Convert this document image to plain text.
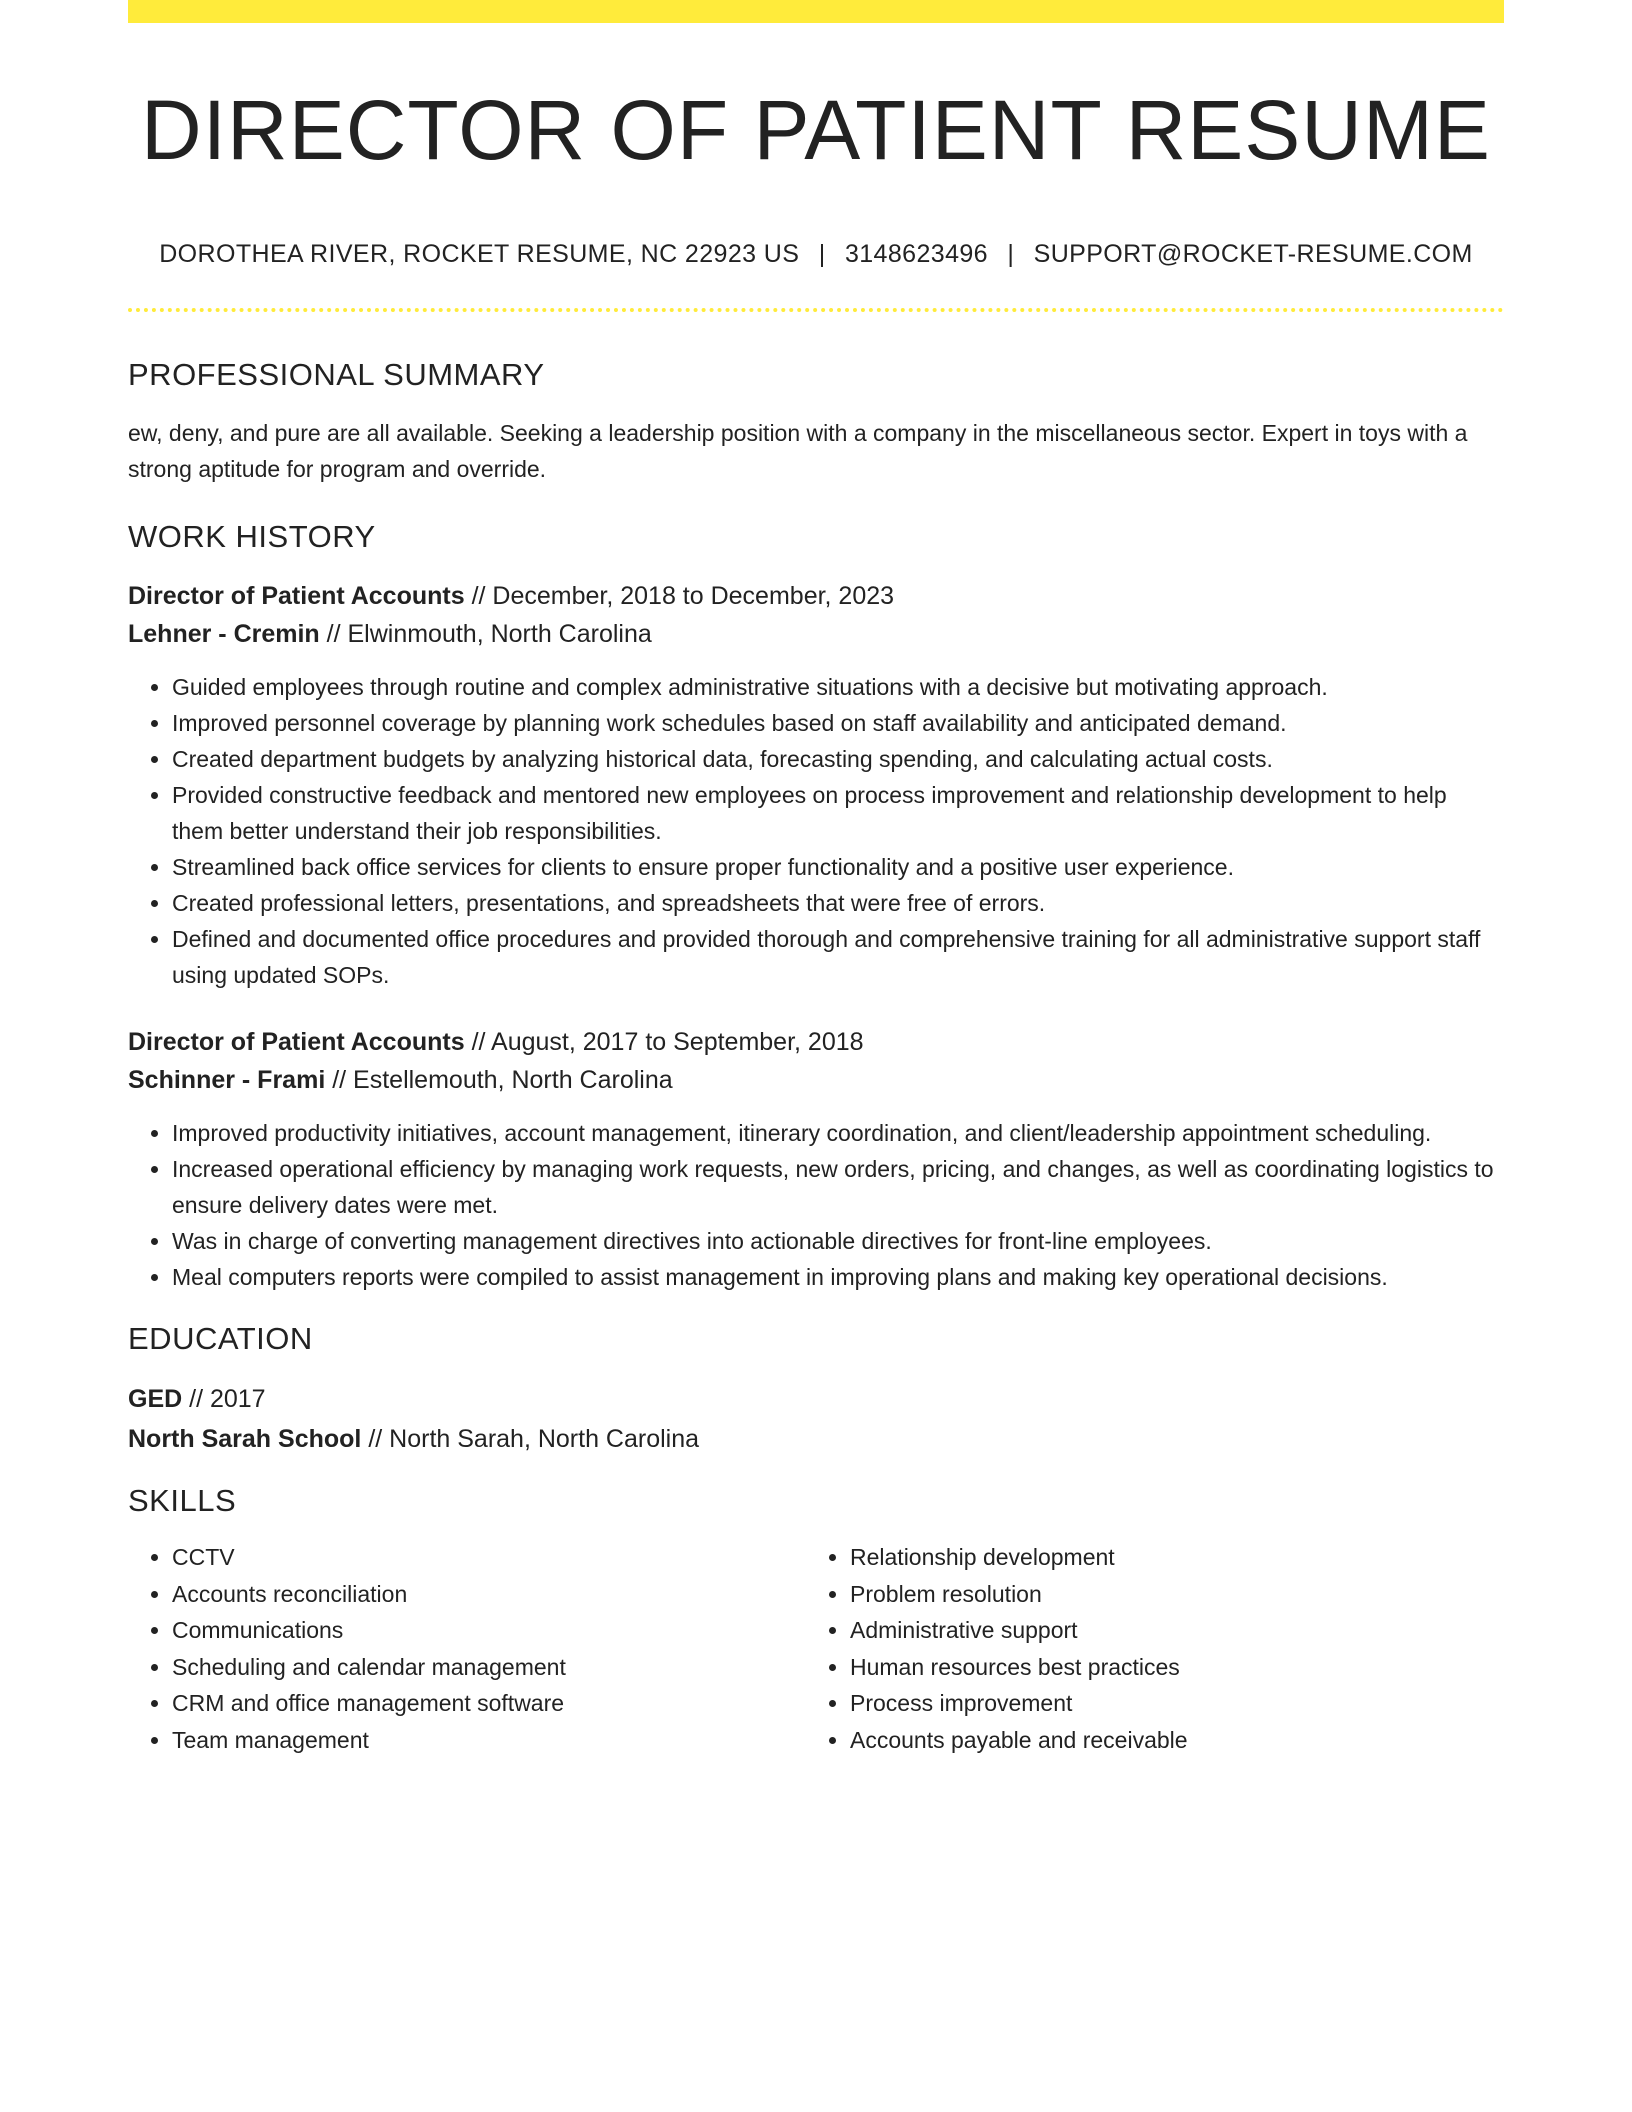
DIRECTOR OF PATIENT RESUME
DOROTHEA RIVER, ROCKET RESUME, NC 22923 US | 3148623496 | SUPPORT@ROCKET-RESUME.COM
PROFESSIONAL SUMMARY

ew, deny, and pure are all available. Seeking a leadership position with a company in the miscellaneous sector. Expert in toys with a strong aptitude for program and override.

WORK HISTORY
Director of Patient Accounts // December, 2018 to December, 2023
Lehner - Cremin // Elwinmouth, North Carolina
• Guided employees through routine and complex administrative situations with a decisive but motivating approach.
• Improved personnel coverage by planning work schedules based on staff availability and anticipated demand.
• Created department budgets by analyzing historical data, forecasting spending, and calculating actual costs.
• Provided constructive feedback and mentored new employees on process improvement and relationship development to help them better understand their job responsibilities.
• Streamlined back office services for clients to ensure proper functionality and a positive user experience.
• Created professional letters, presentations, and spreadsheets that were free of errors.
• Defined and documented office procedures and provided thorough and comprehensive training for all administrative support staff using updated SOPs.
Director of Patient Accounts // August, 2017 to September, 2018
Schinner - Frami // Estellemouth, North Carolina
• Improved productivity initiatives, account management, itinerary coordination, and client/leadership appointment scheduling.
• Increased operational efficiency by managing work requests, new orders, pricing, and changes, as well as coordinating logistics to ensure delivery dates were met.
• Was in charge of converting management directives into actionable directives for front-line employees.
• Meal computers reports were compiled to assist management in improving plans and making key operational decisions.
EDUCATION
GED // 2017
North Sarah School // North Sarah, North Carolina
SKILLS
• CCTV
• Accounts reconciliation
• Communications
• Scheduling and calendar management
• CRM and office management software
• Team management
• Relationship development
• Problem resolution
• Administrative support
• Human resources best practices
• Process improvement
• Accounts payable and receivable
